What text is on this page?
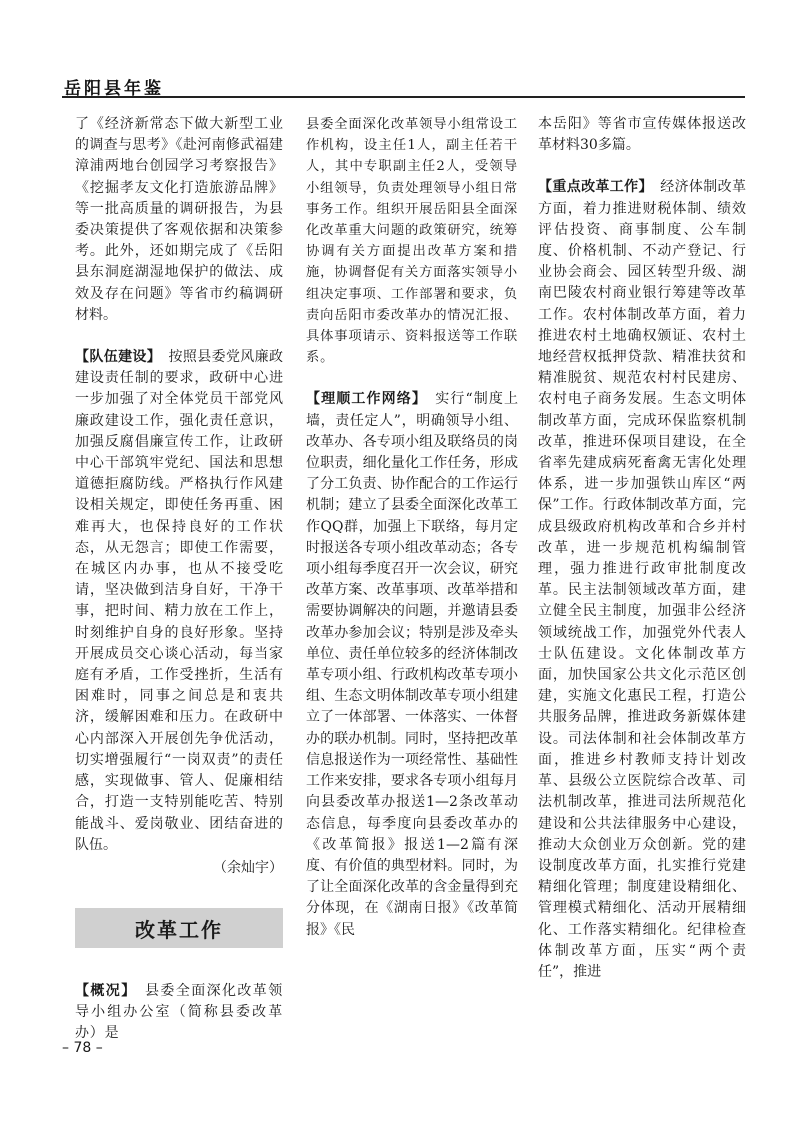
岳阳县年鉴

了《经济新常态下做大新型工业的调查与思考》《赴河南修武福建漳浦两地台创园学习考察报告》《挖掘孝友文化打造旅游品牌》等一批高质量的调研报告，为县委决策提供了客观依据和决策参考。此外，还如期完成了《岳阳县东洞庭湖湿地保护的做法、成效及存在问题》等省市约稿调研材料。

【队伍建设】　 按照县委党风廉政建设责任制的要求，政研中心进一步加强了对全体党员干部党风廉政建设工作，强化责任意识，加强反腐倡廉宣传工作，让政研中心干部筑牢党纪、国法和思想道德拒腐防线。严格执行作风建设相关规定，即使任务再重、困难再大，也保持良好的工作状态，从无怨言；即使工作需要，在城区内办事，也从不接受吃请，坚决做到洁身自好，干净干事，把时间、精力放在工作上，时刻维护自身的良好形象。坚持开展成员交心谈心活动，每当家庭有矛盾，工作受挫折，生活有困难时，同事之间总是和衷共济，缓解困难和压力。在政研中心内部深入开展创先争优活动，切实增强履行“一岗双责”的责任感，实现做事、管人、促廉相结合，打造一支特别能吃苦、特别能战斗、爱岗敬业、团结奋进的队伍。

（余灿宇）

改革工作
【概况】　 县委全面深化改革领导小组办公室（简称县委改革办）是

县委全面深化改革领导小组常设工作机构，设主任1人，副主任若干人，其中专职副主任2人，受领导小组领导，负责处理领导小组日常事务工作。组织开展岳阳县全面深化改革重大问题的政策研究，统筹协调有关方面提出改革方案和措施，协调督促有关方面落实领导小组决定事项、工作部署和要求，负责向岳阳市委改革办的情况汇报、具体事项请示、资料报送等工作联系。

【理顺工作网络】　 实行“制度上墙，责任定人”，明确领导小组、改革办、各专项小组及联络员的岗位职责，细化量化工作任务，形成了分工负责、协作配合的工作运行机制；建立了县委全面深化改革工作QQ群，加强上下联络，每月定时报送各专项小组改革动态；各专项小组每季度召开一次会议，研究改革方案、改革事项、改革举措和需要协调解决的问题，并邀请县委改革办参加会议；特别是涉及牵头单位、责任单位较多的经济体制改革专项小组、行政机构改革专项小组、生态文明体制改革专项小组建立了一体部署、一体落实、一体督办的联办机制。同时，坚持把改革信息报送作为一项经常性、基础性工作来安排，要求各专项小组每月向县委改革办报送1—2条改革动态信息，每季度向县委改革办的《改革简报》报送1—2篇有深度、有价值的典型材料。同时，为了让全面深化改革的含金量得到充分体现，在《湖南日报》《改革简报》《民

本岳阳》等省市宣传媒体报送改革材料30多篇。

【重点改革工作】　 经济体制改革方面，着力推进财税体制、绩效评估投资、商事制度、公车制度、价格机制、不动产登记、行业协会商会、园区转型升级、湖南巴陵农村商业银行筹建等改革工作。农村体制改革方面，着力推进农村土地确权颁证、农村土地经营权抵押贷款、精准扶贫和精准脱贫、规范农村村民建房、农村电子商务发展。生态文明体制改革方面，完成环保监察机制改革，推进环保项目建设，在全省率先建成病死畜禽无害化处理体系，进一步加强铁山库区“两保”工作。行政体制改革方面，完成县级政府机构改革和合乡并村改革，进一步规范机构编制管理，强力推进行政审批制度改革。民主法制领域改革方面，建立健全民主制度，加强非公经济领域统战工作，加强党外代表人士队伍建设。文化体制改革方面，加快国家公共文化示范区创建，实施文化惠民工程，打造公共服务品牌，推进政务新媒体建设。司法体制和社会体制改革方面，推进乡村教师支持计划改革、县级公立医院综合改革、司法机制改革，推进司法所规范化建设和公共法律服务中心建设，推动大众创业万众创新。党的建设制度改革方面，扎实推行党建精细化管理；制度建设精细化、管理模式精细化、活动开展精细化、工作落实精细化。纪律检查体制改革方面，压实“两个责任”，推进

– 78 –
